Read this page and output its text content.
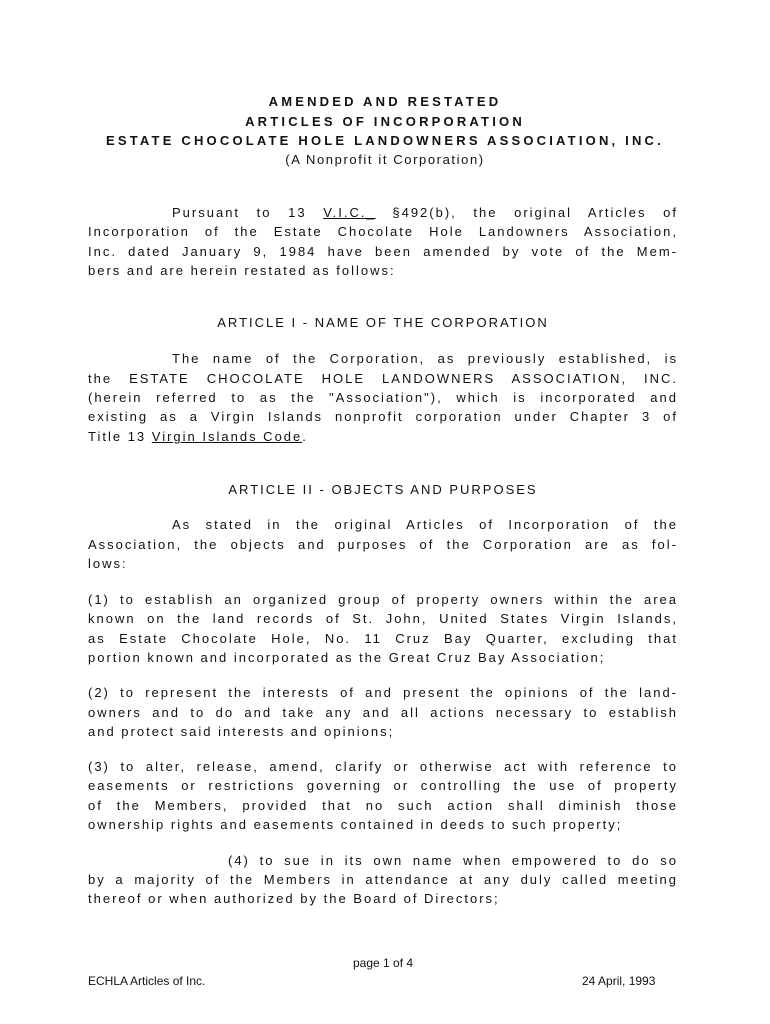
AMENDED AND RESTATED
ARTICLES OF INCORPORATION
ESTATE CHOCOLATE HOLE LANDOWNERS ASSOCIATION, INC.
(A Nonprofit it Corporation)
Pursuant to 13 V.I.C._ §492(b), the original Articles of
Incorporation of the Estate Chocolate Hole Landowners Association,
Inc. dated January 9, 1984 have been amended by vote of the Mem-
bers and are herein restated as follows:
ARTICLE I - NAME OF THE CORPORATION
The name of the Corporation, as previously established, is
the ESTATE CHOCOLATE HOLE LANDOWNERS ASSOCIATION, INC.
(herein referred to as the "Association"), which is incorporated and
existing as a Virgin Islands nonprofit corporation under Chapter 3 of
Title 13 Virgin Islands Code.
ARTICLE II - OBJECTS AND PURPOSES
As stated in the original Articles of Incorporation of the
Association, the objects and purposes of the Corporation are as fol-
lows:
(1) to establish an organized group of property owners within the area
known on the land records of St. John, United States Virgin Islands,
as Estate Chocolate Hole, No. 11 Cruz Bay Quarter, excluding that
portion known and incorporated as the Great Cruz Bay Association;
(2) to represent the interests of and present the opinions of the land-
owners and to do and take any and all actions necessary to establish
and protect said interests and opinions;
(3) to alter, release, amend, clarify or otherwise act with reference to
easements or restrictions governing or controlling the use of property
of the Members, provided that no such action shall diminish those
ownership rights and easements contained in deeds to such property;
(4) to sue in its own name when empowered to do so
by a majority of the Members in attendance at any duly called meeting
thereof or when authorized by the Board of Directors;
page 1 of 4
ECHLA Articles of Inc.	24 April, 1993
